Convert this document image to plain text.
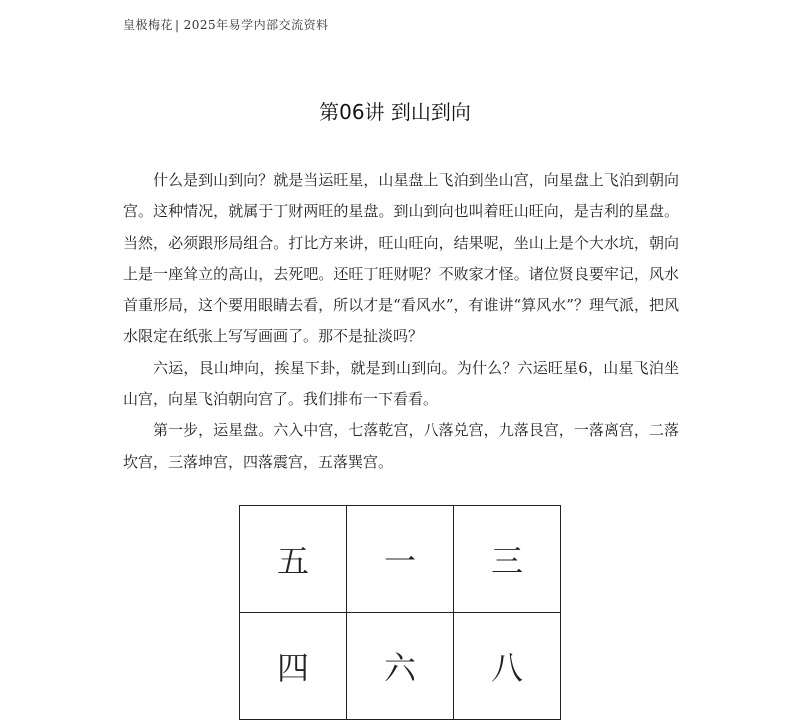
皇极梅花 | 2025年易学内部交流资料
第06讲 到山到向

什么是到山到向？就是当运旺星，山星盘上飞泊到坐山宫，向星盘上飞泊到朝向宫。这种情况，就属于丁财两旺的星盘。到山到向也叫着旺山旺向，是吉利的星盘。当然，必须跟形局组合。打比方来讲，旺山旺向，结果呢，坐山上是个大水坑，朝向上是一座耸立的高山，去死吧。还旺丁旺财呢？不败家才怪。诸位贤良要牢记，风水首重形局，这个要用眼睛去看，所以才是“看风水”，有谁讲“算风水”？理气派，把风水限定在纸张上写写画画了。那不是扯淡吗？

六运，艮山坤向，挨星下卦，就是到山到向。为什么？六运旺星6，山星飞泊坐山宫，向星飞泊朝向宫了。我们排布一下看看。

第一步，运星盘。六入中宫，七落乾宫，八落兑宫，九落艮宫，一落离宫，二落坎宫，三落坤宫，四落震宫，五落巽宫。

五	一	三
四	六	八
